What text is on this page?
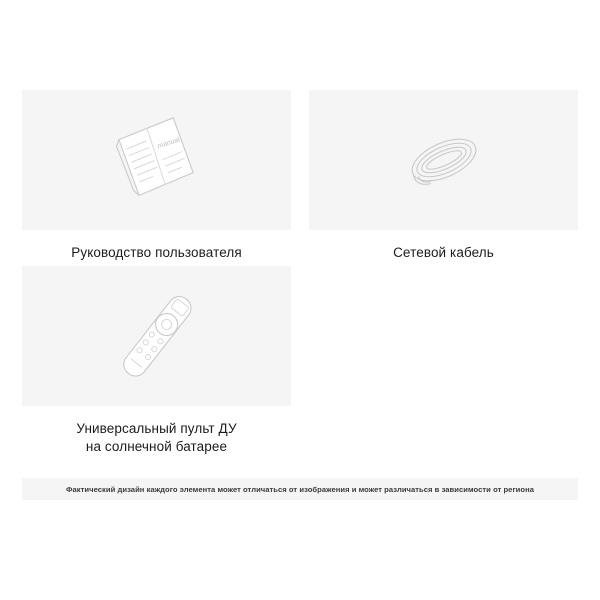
manual
Руководство пользователя	Сетевой кабель
Универсальный пульт ДУ
на солнечной батарее
Фактический дизайн каждого элемента может отличаться от изображения и может различаться в зависимости от региона
